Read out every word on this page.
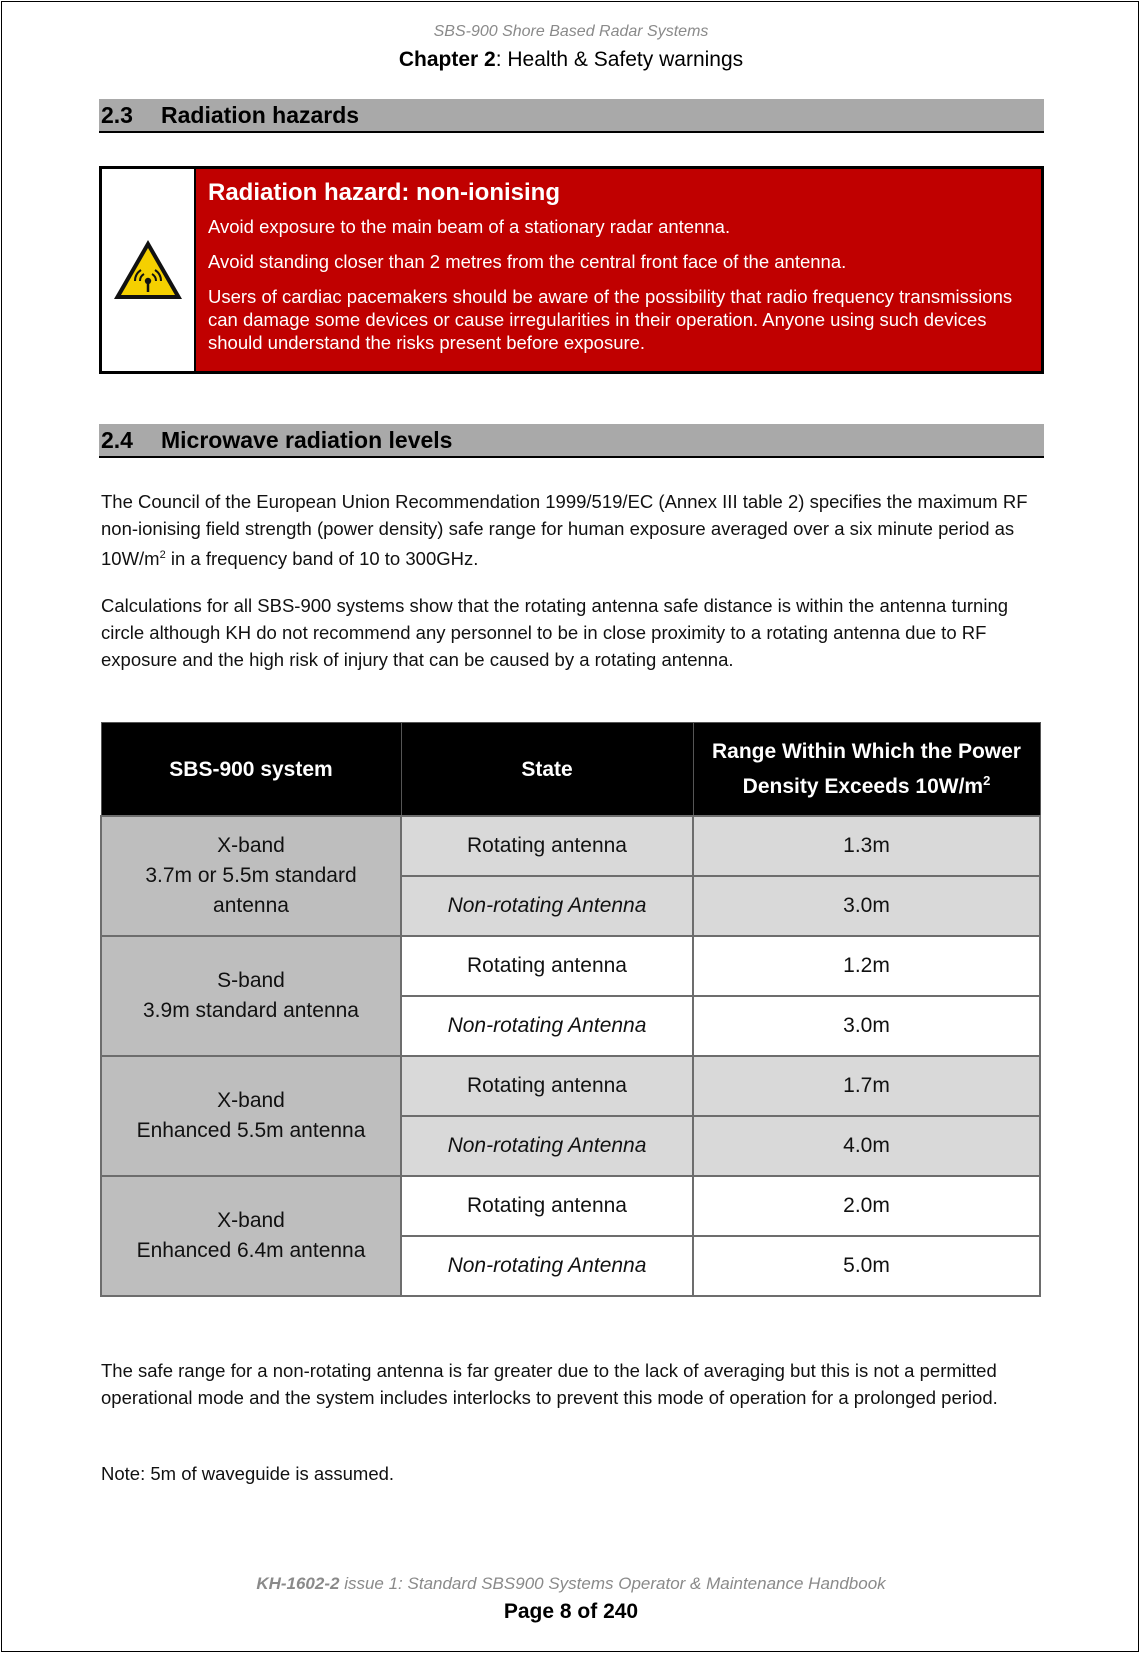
SBS-900 Shore Based Radar Systems
Chapter 2: Health & Safety warnings
2.3 Radiation hazards

Radiation hazard: non-ionising

Avoid exposure to the main beam of a stationary radar antenna.

Avoid standing closer than 2 metres from the central front face of the antenna.

Users of cardiac pacemakers should be aware of the possibility that radio frequency transmissions can damage some devices or cause irregularities in their operation. Anyone using such devices should understand the risks present before exposure.

2.4 Microwave radiation levels

The Council of the European Union Recommendation 1999/519/EC (Annex III table 2) specifies the maximum RF non-ionising field strength (power density) safe range for human exposure averaged over a six minute period as $10W/m^2$ in a frequency band of 10 to 300GHz.

Calculations for all SBS-900 systems show that the rotating antenna safe distance is within the antenna turning circle although KH do not recommend any personnel to be in close proximity to a rotating antenna due to RF exposure and the high risk of injury that can be caused by a rotating antenna.

SBS-900 system	State	Range Within Which the Power Density Exceeds $10W/m^2$
X-band
3.7m or 5.5m standard antenna	Rotating antenna	1.3m
	Non-rotating Antenna	3.0m
S-band
3.9m standard antenna	Rotating antenna	1.2m
	Non-rotating Antenna	3.0m
X-band
Enhanced 5.5m antenna	Rotating antenna	1.7m
	Non-rotating Antenna	4.0m
X-band
Enhanced 6.4m antenna	Rotating antenna	2.0m
	Non-rotating Antenna	5.0m

The safe range for a non-rotating antenna is far greater due to the lack of averaging but this is not a permitted operational mode and the system includes interlocks to prevent this mode of operation for a prolonged period.

Note: 5m of waveguide is assumed.

KH-1602-2 issue 1: Standard SBS900 Systems Operator & Maintenance Handbook
Page 8 of 240
